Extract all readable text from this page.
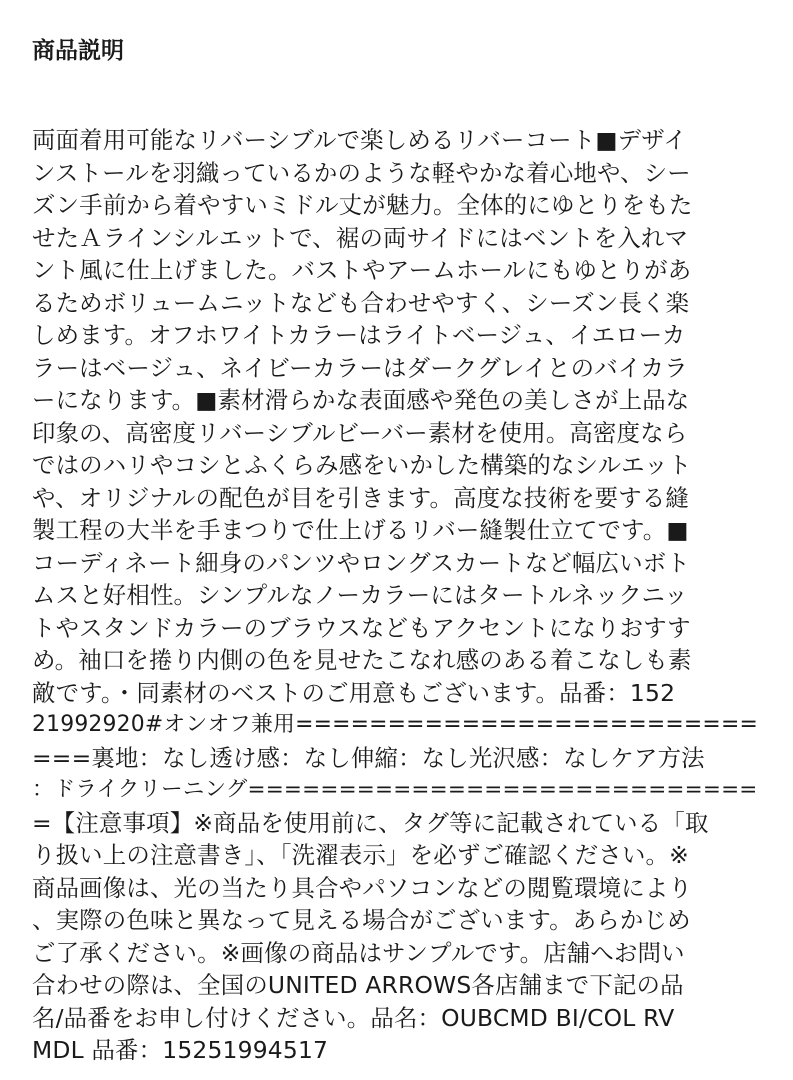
商品説明
両面着用可能なリバーシブルで楽しめるリバーコート■デザイ
ンストールを羽織っているかのような軽やかな着心地や、シー
ズン手前から着やすいミドル丈が魅力。全体的にゆとりをもた
せたＡラインシルエットで、裾の両サイドにはベントを入れマ
ント風に仕上げました。バストやアームホールにもゆとりがあ
るためボリュームニットなども合わせやすく、シーズン長く楽
しめます。オフホワイトカラーはライトベージュ、イエローカ
ラーはベージュ、ネイビーカラーはダークグレイとのバイカラ
ーになります。■素材滑らかな表面感や発色の美しさが上品な
印象の、高密度リバーシブルビーバー素材を使用。高密度なら
ではのハリやコシとふくらみ感をいかした構築的なシルエット
や、オリジナルの配色が目を引きます。高度な技術を要する縫
製工程の大半を手まつりで仕上げるリバー縫製仕立てです。■
コーディネート細身のパンツやロングスカートなど幅広いボト
ムスと好相性。シンプルなノーカラーにはタートルネックニッ
トやスタンドカラーのブラウスなどもアクセントになりおすす
め。袖口を捲り内側の色を見せたこなれ感のある着こなしも素
敵です。・同素材のベストのご用意もございます。品番：152
21992920#オンオフ兼用=========================
===裏地：なし透け感：なし伸縮：なし光沢感：なしケア方法
：ドライクリーニング============================
=【注意事項】※商品を使用前に、タグ等に記載されている「取
り扱い上の注意書き」、「洗濯表示」を必ずご確認ください。※
商品画像は、光の当たり具合やパソコンなどの閲覧環境により
、実際の色味と異なって見える場合がございます。あらかじめ
ご了承ください。※画像の商品はサンプルです。店舗へお問い
合わせの際は、全国のUNITED ARROWS各店舗まで下記の品
名/品番をお申し付けください。品名：OUBCMD BI/COL RV
MDL 品番：15251994517
